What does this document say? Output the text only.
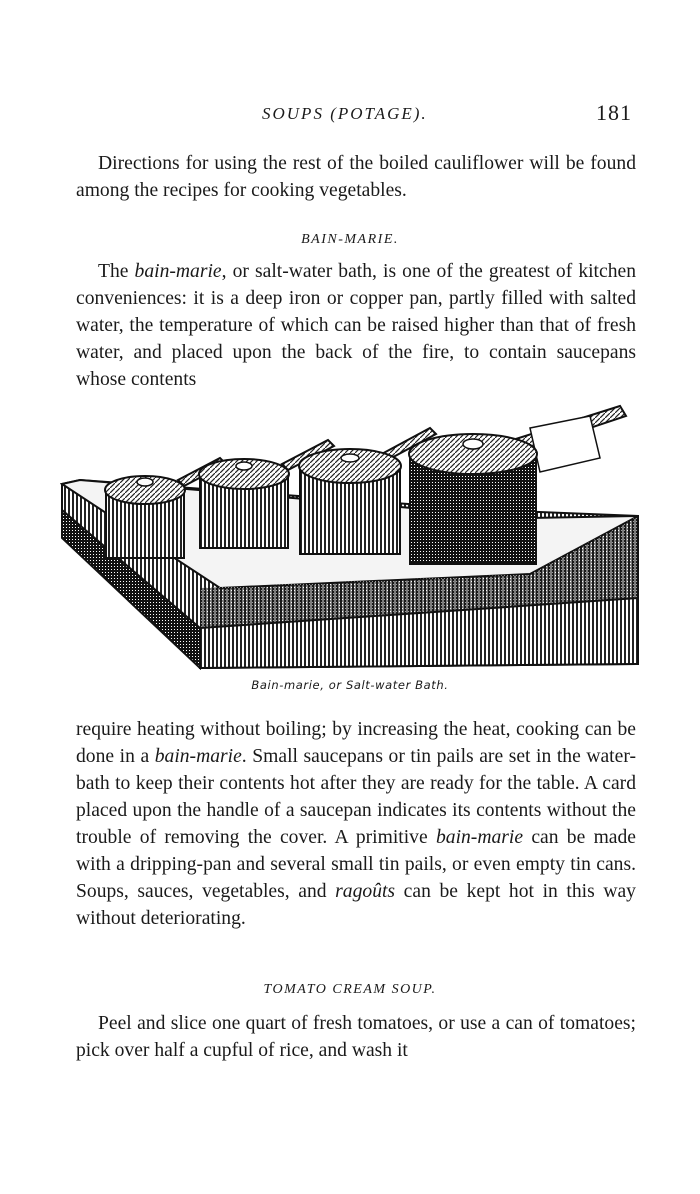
SOUPS (POTAGE).	181

Directions for using the rest of the boiled cauliflower will be found among the recipes for cooking vegetables.

BAIN-MARIE.

The bain-marie, or salt-water bath, is one of the greatest of kitchen conveniences: it is a deep iron or copper pan, partly filled with salted water, the temperature of which can be raised higher than that of fresh water, and placed upon the back of the fire, to contain saucepans whose contents

Bain-marie, or Salt-water Bath.

require heating without boiling; by increasing the heat, cooking can be done in a bain-marie. Small saucepans or tin pails are set in the water-bath to keep their contents hot after they are ready for the table. A card placed upon the handle of a saucepan indicates its contents without the trouble of removing the cover. A primitive bain-marie can be made with a dripping-pan and several small tin pails, or even empty tin cans. Soups, sauces, vegetables, and ragoûts can be kept hot in this way without deteriorating.

TOMATO CREAM SOUP.

Peel and slice one quart of fresh tomatoes, or use a can of tomatoes; pick over half a cupful of rice, and wash it
